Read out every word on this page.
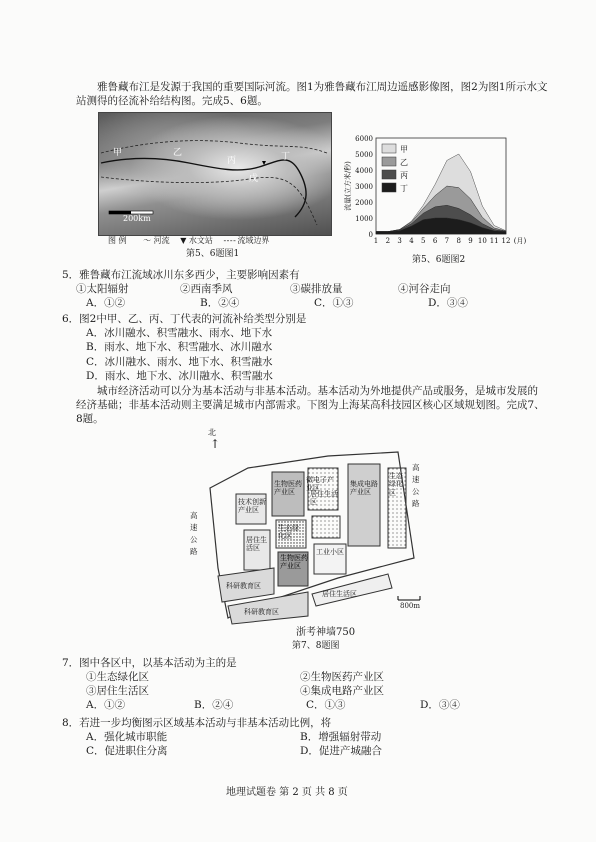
雅鲁藏布江是发源于我国的重要国际河流。图1为雅鲁藏布江周边遥感影像图，图2为图1所示水文站测得的径流补给结构图。完成5、6题。
甲	乙
丙	丁
戊
200km
图 例 〜 河流 ▼ 水文站 - - - - 流域边界
第5、6题图1
0
1000
2000
3000
4000
5000
6000
1 2 3 4 5 6 7 8 9 10 11 12 (月)
流量(立方米/秒)
甲
乙
丙
丁
第5、6题图2
5．雅鲁藏布江流域冰川东多西少，主要影响因素有
①太阳辐射	②西南季风	③碳排放量	④河谷走向
A．①②	B．②④	C．①③	D．③④
6．图2中甲、乙、丙、丁代表的河流补给类型分别是
A．冰川融水、积雪融水、雨水、地下水
B．雨水、地下水、积雪融水、冰川融水
C．冰川融水、雨水、地下水、积雪融水
D．雨水、地下水、冰川融水、积雪融水
城市经济活动可以分为基本活动与非基本活动。基本活动为外地提供产品或服务，是城市发展的经济基础；非基本活动则主要满足城市内部需求。下图为上海某高科技园区核心区域规划图。完成7、8题。
北
↑
生物医药产业区
微电子产业区
居住生活区
集成电路产业区
生态绿化区
技术创新产业区
居住生活区
生态绿化区
生物医药产业区
工业小区
居住生活区
科研教育区
科研教育区
高速公路
高速公路
800m
浙考神墙750
第7、8题图
7．图中各区中，以基本活动为主的是
①生态绿化区	②生物医药产业区
③居住生活区	④集成电路产业区
A．①②	B．②④	C．①③	D．③④
8．若进一步均衡图示区域基本活动与非基本活动比例，将
A．强化城市职能	B．增强辐射带动
C．促进职住分离	D．促进产城融合
地理试题卷 第 2 页 共 8 页
